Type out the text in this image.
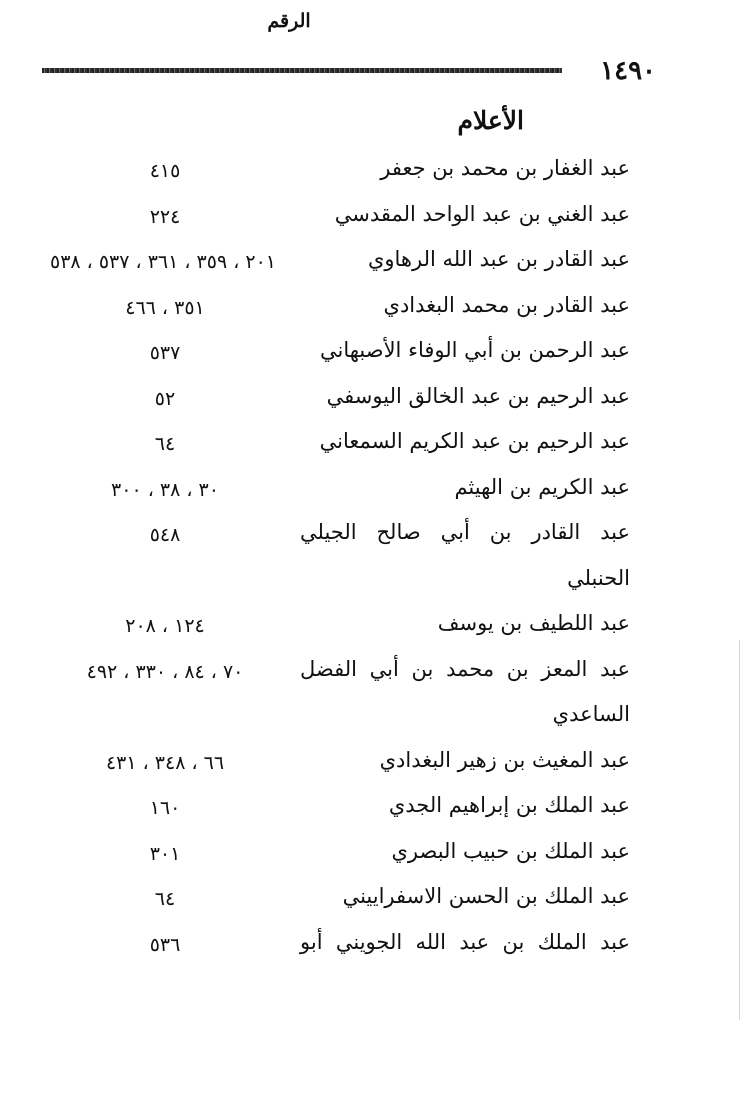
١٤٩٠
الأعلام
الرقم
عبد الغفار بن محمد بن جعفر
٤١٥
عبد الغني بن عبد الواحد المقدسي
٢٢٤
عبد القادر بن عبد الله الرهاوي
٢٠١ ، ٣٥٩ ، ٣٦١ ، ٥٣٧ ، ٥٣٨
عبد القادر بن محمد البغدادي
٣٥١ ، ٤٦٦
عبد الرحمن بن أبي الوفاء الأصبهاني
٥٣٧
عبد الرحيم بن عبد الخالق اليوسفي
٥٢
عبد الرحيم بن عبد الكريم السمعاني
٦٤
عبد الكريم بن الهيثم
٣٠ ، ٣٨ ، ٣٠٠
عبد القادر بن أبي صالح الجيلي
٥٤٨
الحنبلي
عبد اللطيف بن يوسف
١٢٤ ، ٢٠٨
عبد المعز بن محمد بن أبي الفضل
٧٠ ، ٨٤ ، ٣٣٠ ، ٤٩٢
الساعدي
عبد المغيث بن زهير البغدادي
٦٦ ، ٣٤٨ ، ٤٣١
عبد الملك بن إبراهيم الجدي
١٦٠
عبد الملك بن حبيب البصري
٣٠١
عبد الملك بن الحسن الاسفراييني
٦٤
عبد الملك بن عبد الله الجويني أبو
٥٣٦
